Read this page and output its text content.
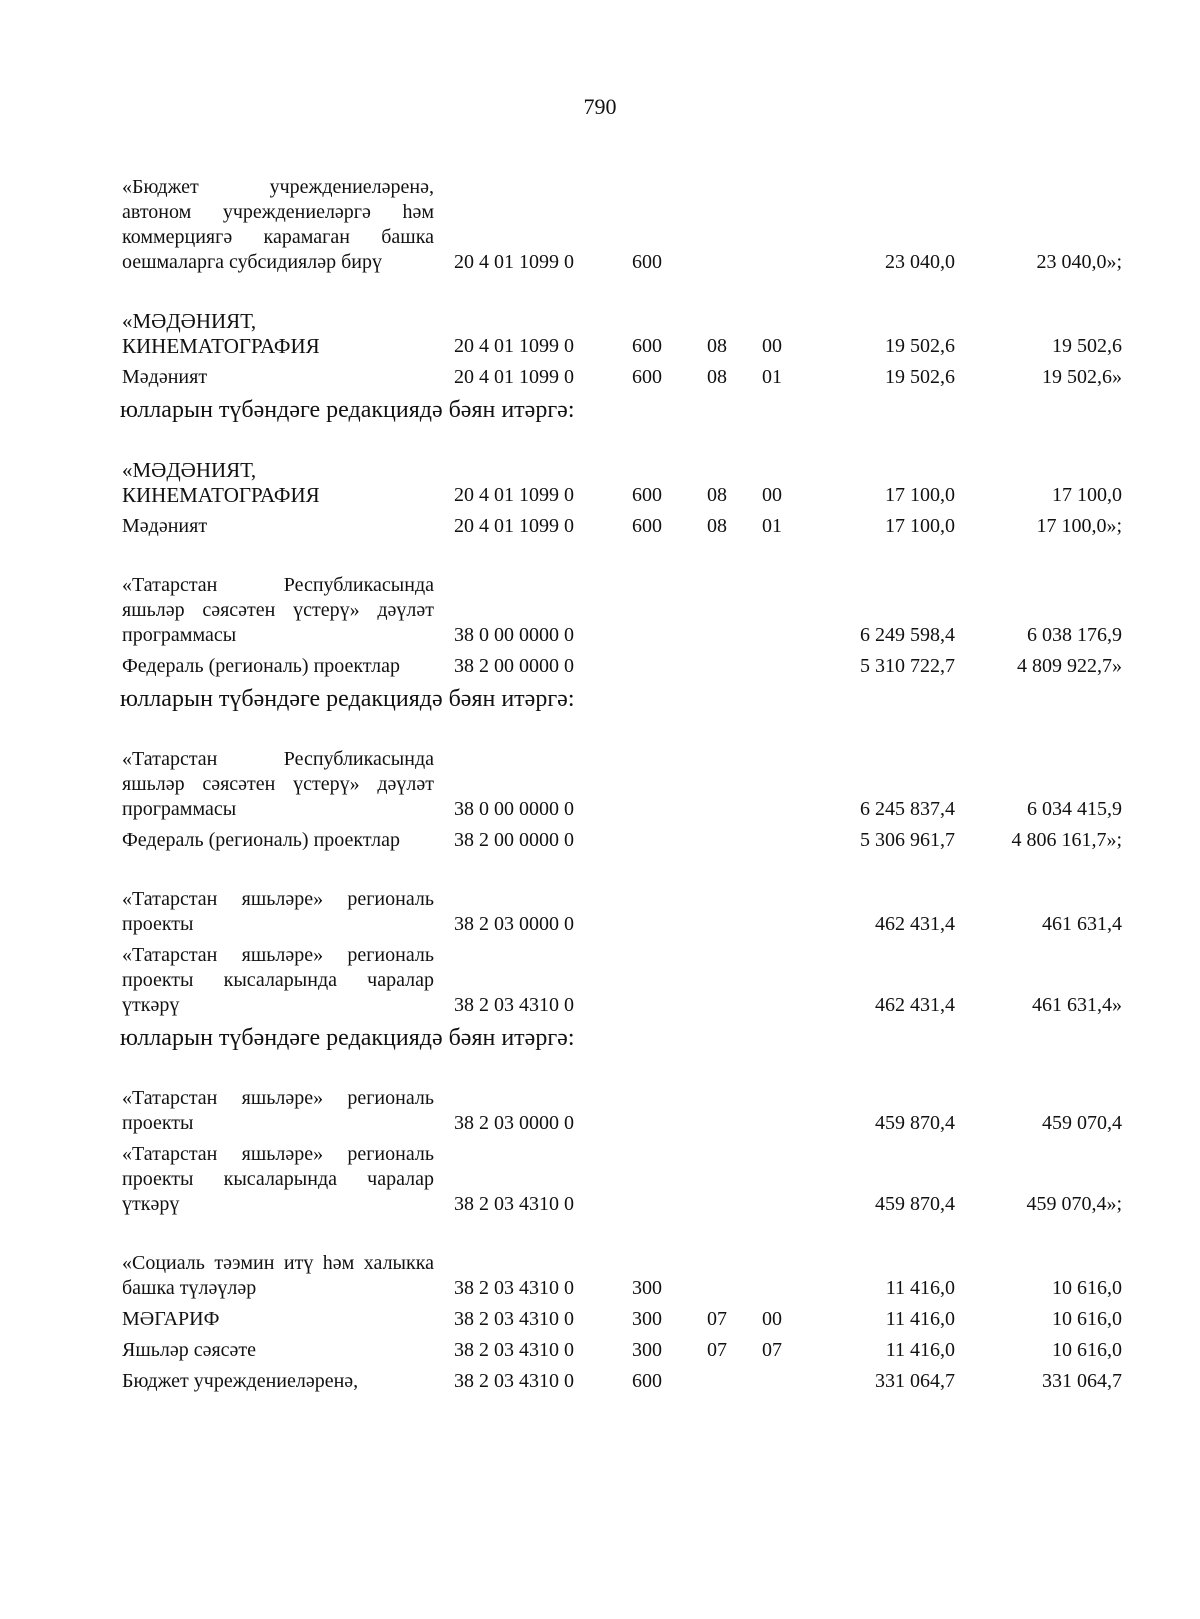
790
«Бюджет учреждениеләренә, автоном учреждениеләргә һәм коммерциягә карамаган башка оешмаларга субсидияләр бирү	20 4 01 1099 0	600	23 040,0	23 040,0»;
«МӘДӘНИЯТ, КИНЕМАТОГРАФИЯ	20 4 01 1099 0	600 08 00	19 502,6	19 502,6
Мәдәният	20 4 01 1099 0	600 08 01	19 502,6	19 502,6»
юлларын түбәндәге редакциядә бәян итәргә:
«МӘДӘНИЯТ, КИНЕМАТОГРАФИЯ	20 4 01 1099 0	600 08 00	17 100,0	17 100,0
Мәдәният	20 4 01 1099 0	600 08 01	17 100,0	17 100,0»;
«Татарстан Республикасында яшьләр сәясәтен үстерү» дәүләт программасы	38 0 00 0000 0	6 249 598,4	6 038 176,9
Федераль (региональ) проектлар	38 2 00 0000 0	5 310 722,7	4 809 922,7»
юлларын түбәндәге редакциядә бәян итәргә:
«Татарстан Республикасында яшьләр сәясәтен үстерү» дәүләт программасы	38 0 00 0000 0	6 245 837,4	6 034 415,9
Федераль (региональ) проектлар	38 2 00 0000 0	5 306 961,7	4 806 161,7»;
«Татарстан яшьләре» региональ проекты	38 2 03 0000 0	462 431,4	461 631,4
«Татарстан яшьләре» региональ проекты кысаларында чаралар үткәрү	38 2 03 4310 0	462 431,4	461 631,4»
юлларын түбәндәге редакциядә бәян итәргә:
«Татарстан яшьләре» региональ проекты	38 2 03 0000 0	459 870,4	459 070,4
«Татарстан яшьләре» региональ проекты кысаларында чаралар үткәрү	38 2 03 4310 0	459 870,4	459 070,4»;
«Социаль тәэмин итү һәм халыкка башка түләүләр	38 2 03 4310 0	300	11 416,0	10 616,0
МӘГАРИФ	38 2 03 4310 0	300 07 00	11 416,0	10 616,0
Яшьләр сәясәте	38 2 03 4310 0	300 07 07	11 416,0	10 616,0
Бюджет учреждениеләренә,	38 2 03 4310 0	600	331 064,7	331 064,7
